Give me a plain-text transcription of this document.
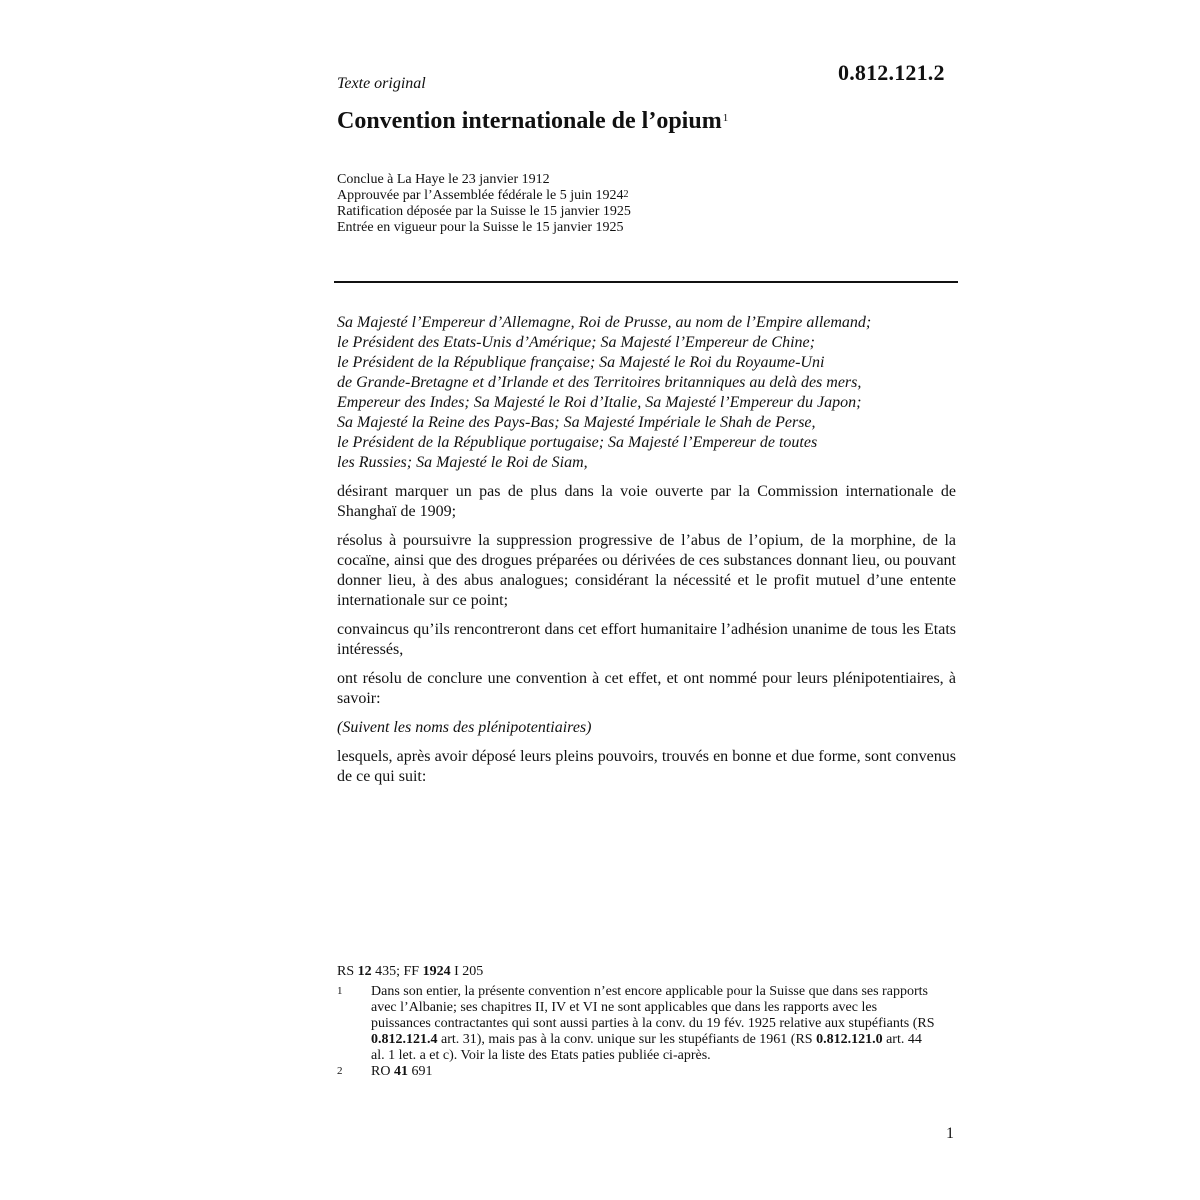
0.812.121.2
Texte original
Convention internationale de l’opium$^1$
Conclue à La Haye le 23 janvier 1912
Approuvée par l’Assemblée fédérale le 5 juin 1924$^2$
Ratification déposée par la Suisse le 15 janvier 1925
Entrée en vigueur pour la Suisse le 15 janvier 1925
Sa Majesté l’Empereur d’Allemagne, Roi de Prusse, au nom de l’Empire allemand;
le Président des Etats-Unis d’Amérique; Sa Majesté l’Empereur de Chine;
le Président de la République française; Sa Majesté le Roi du Royaume-Uni
de Grande-Bretagne et d’Irlande et des Territoires britanniques au delà des mers,
Empereur des Indes; Sa Majesté le Roi d’Italie, Sa Majesté l’Empereur du Japon;
Sa Majesté la Reine des Pays-Bas; Sa Majesté Impériale le Shah de Perse,
le Président de la République portugaise; Sa Majesté l’Empereur de toutes
les Russies; Sa Majesté le Roi de Siam,

désirant marquer un pas de plus dans la voie ouverte par la Commission internationale de Shanghaï de 1909;

résolus à poursuivre la suppression progressive de l’abus de l’opium, de la morphine, de la cocaïne, ainsi que des drogues préparées ou dérivées de ces substances donnant lieu, ou pouvant donner lieu, à des abus analogues; considérant la nécessité et le profit mutuel d’une entente internationale sur ce point;

convaincus qu’ils rencontreront dans cet effort humanitaire l’adhésion unanime de tous les Etats intéressés,

ont résolu de conclure une convention à cet effet, et ont nommé pour leurs plénipotentiaires, à savoir:

(Suivent les noms des plénipotentiaires)

lesquels, après avoir déposé leurs pleins pouvoirs, trouvés en bonne et due forme, sont convenus de ce qui suit:

RS 12 435; FF 1924 I 205
1	Dans son entier, la présente convention n’est encore applicable pour la Suisse que dans ses rapports avec l’Albanie; ses chapitres II, IV et VI ne sont applicables que dans les rapports avec les puissances contractantes qui sont aussi parties à la conv. du 19 fév. 1925 relative aux stupéfiants (RS 0.812.121.4 art. 31), mais pas à la conv. unique sur les stupéfiants de 1961 (RS 0.812.121.0 art. 44 al. 1 let. a et c). Voir la liste des Etats paties publiée ci-après.
2	RO 41 691
1
